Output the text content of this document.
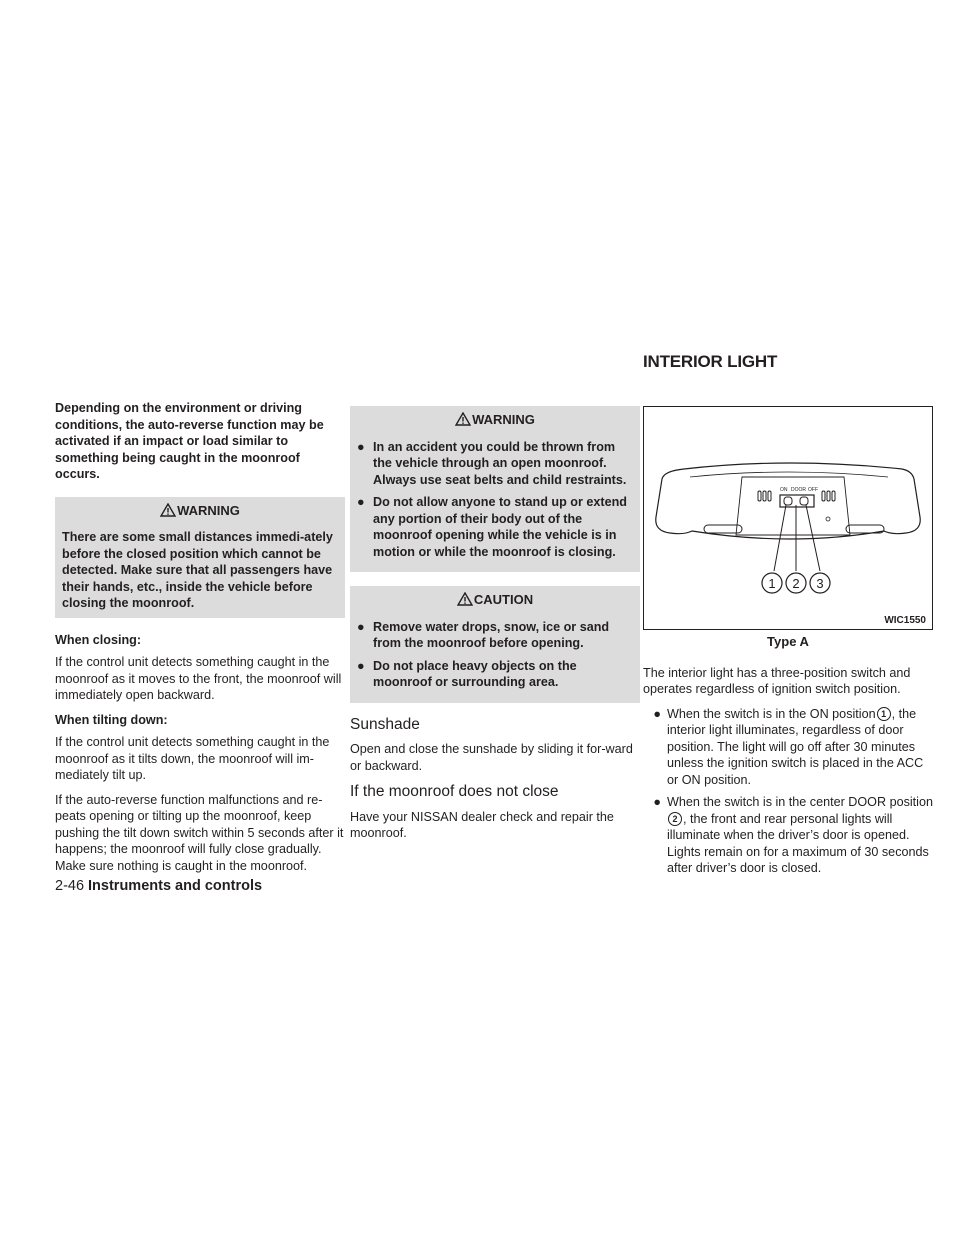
Depending on the environment or driving conditions, the auto-reverse function may be activated if an impact or load similar to something being caught in the moonroof occurs.

WARNING
There are some small distances immedi-ately before the closed position which cannot be detected. Make sure that all passengers have their hands, etc., inside the vehicle before closing the moonroof.

When closing:

If the control unit detects something caught in the moonroof as it moves to the front, the moonroof will immediately open backward.

When tilting down:

If the control unit detects something caught in the moonroof as it tilts down, the moonroof will im-mediately tilt up.

If the auto-reverse function malfunctions and re-peats opening or tilting up the moonroof, keep pushing the tilt down switch within 5 seconds after it happens; the moonroof will fully close gradually. Make sure nothing is caught in the moonroof.

WARNING
● In an accident you could be thrown from the vehicle through an open moonroof. Always use seat belts and child restraints.
● Do not allow anyone to stand up or extend any portion of their body out of the moonroof opening while the vehicle is in motion or while the moonroof is closing.
CAUTION
● Remove water drops, snow, ice or sand from the moonroof before opening.
● Do not place heavy objects on the moonroof or surrounding area.
Sunshade

Open and close the sunshade by sliding it for-ward or backward.

If the moonroof does not close

Have your NISSAN dealer check and repair the moonroof.

INTERIOR LIGHT
ON DOOR OFF
1 2 3
WIC1550
Type A

The interior light has a three-position switch and operates regardless of ignition switch position.

● When the switch is in the ON position 1 , the interior light illuminates, regardless of door position. The light will go off after 30 minutes unless the ignition switch is placed in the ACC or ON position.
● When the switch is in the center DOOR position2 , the front and rear personal lights will illuminate when the driver’s door is opened. Lights remain on for a maximum of 30 seconds after driver’s door is closed.
2-46 Instruments and controls
